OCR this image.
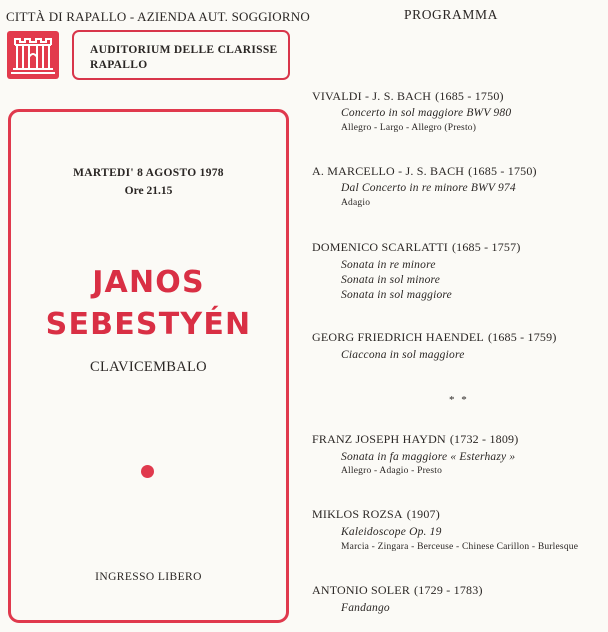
CITTÀ DI RAPALLO - AZIENDA AUT. SOGGIORNO
AUDITORIUM DELLE CLARISSE
RAPALLO
MARTEDI' 8 AGOSTO 1978
Ore 21.15
JANOS
SEBESTYÉN
CLAVICEMBALO
INGRESSO LIBERO
PROGRAMMA
VIVALDI - J. S. BACH (1685 - 1750)
Concerto in sol maggiore BWV 980
Allegro - Largo - Allegro (Presto)
A. MARCELLO - J. S. BACH (1685 - 1750)
Dal Concerto in re minore BWV 974
Adagio
DOMENICO SCARLATTI (1685 - 1757)
Sonata in re minore
Sonata in sol minore
Sonata in sol maggiore
GEORG FRIEDRICH HAENDEL (1685 - 1759)
Ciaccona in sol maggiore
* *
FRANZ JOSEPH HAYDN (1732 - 1809)
Sonata in fa maggiore « Esterhazy »
Allegro - Adagio - Presto
MIKLOS ROZSA (1907)
Kaleidoscope Op. 19
Marcia - Zingara - Berceuse - Chinese Carillon - Burlesque
ANTONIO SOLER (1729 - 1783)
Fandango
